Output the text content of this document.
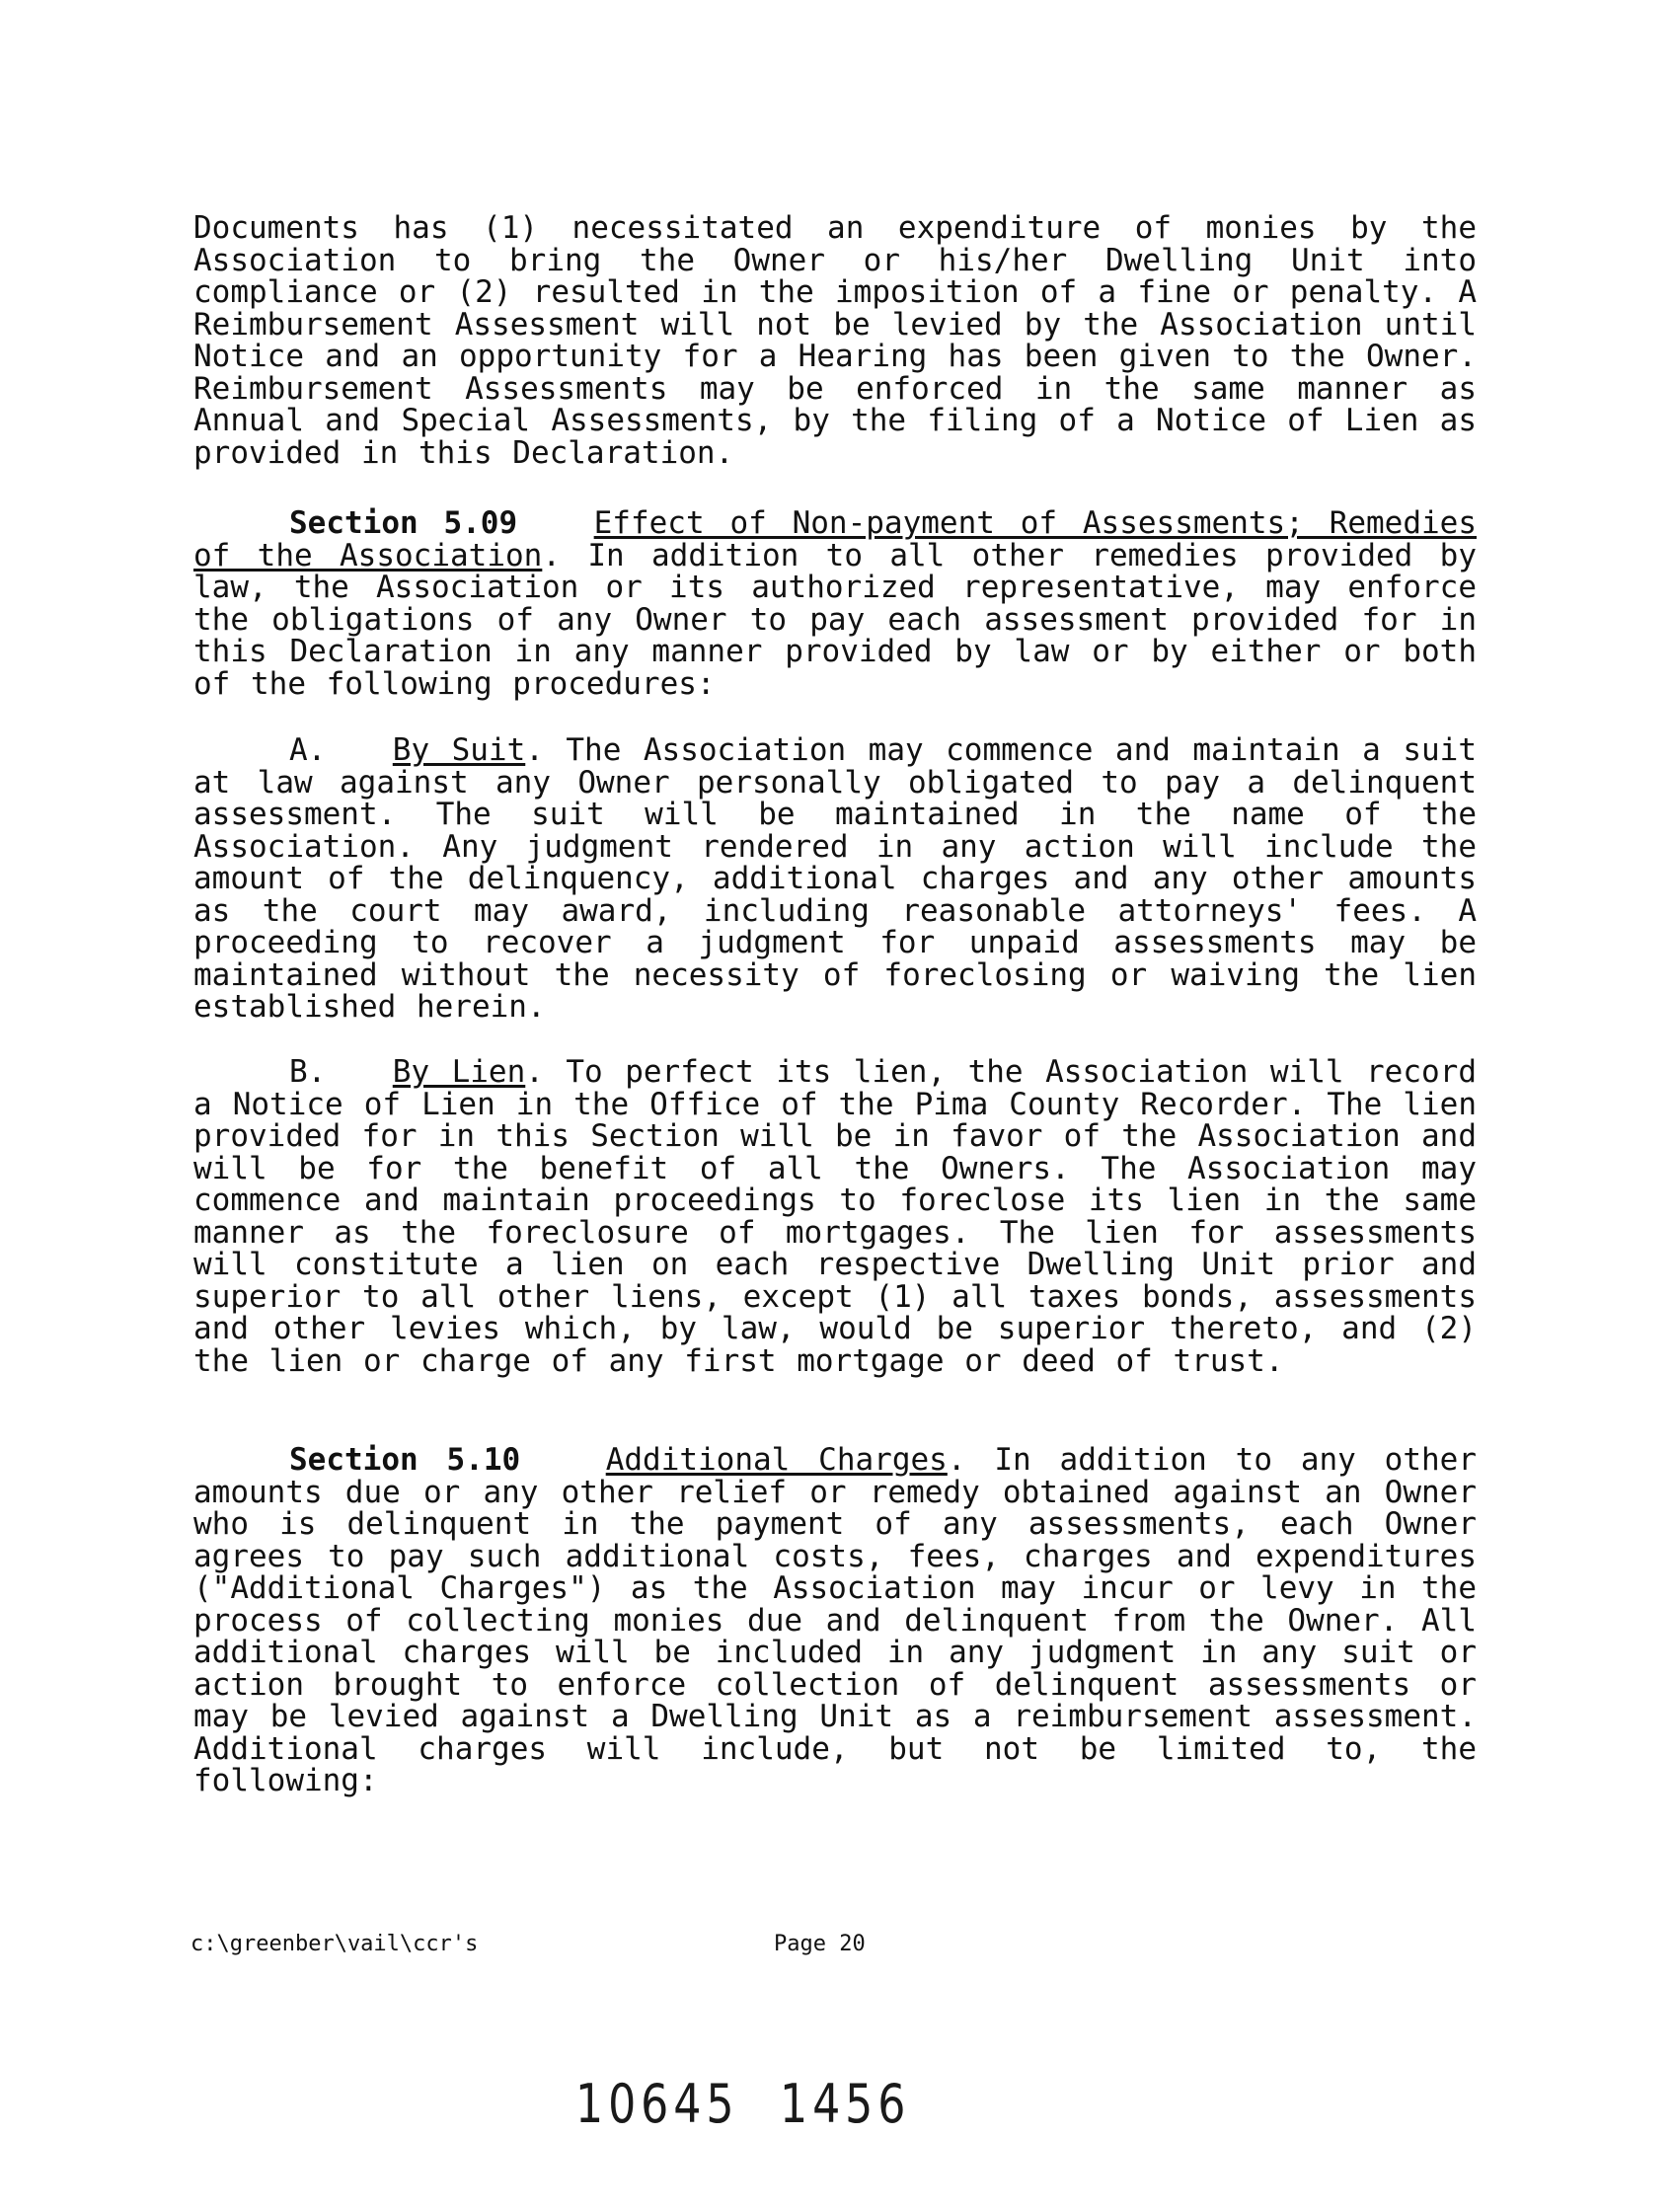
Documents has (1) necessitated an expenditure of monies by the Association to bring the Owner or his/her Dwelling Unit into compliance or (2) resulted in the imposition of a fine or penalty. A Reimbursement Assessment will not be levied by the Association until Notice and an opportunity for a Hearing has been given to the Owner. Reimbursement Assessments may be enforced in the same manner as Annual and Special Assessments, by the filing of a Notice of Lien as provided in this Declaration.
Section 5.09	Effect of Non-payment of Assessments; Remedies of the Association. In addition to all other remedies provided by law, the Association or its authorized representative, may enforce the obligations of any Owner to pay each assessment provided for in this Declaration in any manner provided by law or by either or both of the following procedures:
A. By Suit. The Association may commence and maintain a suit at law against any Owner personally obligated to pay a delinquent assessment. The suit will be maintained in the name of the Association. Any judgment rendered in any action will include the amount of the delinquency, additional charges and any other amounts as the court may award, including reasonable attorneys' fees. A proceeding to recover a judgment for unpaid assessments may be maintained without the necessity of foreclosing or waiving the lien established herein.
B. By Lien. To perfect its lien, the Association will record a Notice of Lien in the Office of the Pima County Recorder. The lien provided for in this Section will be in favor of the Association and will be for the benefit of all the Owners. The Association may commence and maintain proceedings to foreclose its lien in the same manner as the foreclosure of mortgages. The lien for assessments will constitute a lien on each respective Dwelling Unit prior and superior to all other liens, except (1) all taxes bonds, assessments and other levies which, by law, would be superior thereto, and (2) the lien or charge of any first mortgage or deed of trust.
Section 5.10	Additional Charges. In addition to any other amounts due or any other relief or remedy obtained against an Owner who is delinquent in the payment of any assessments, each Owner agrees to pay such additional costs, fees, charges and expenditures ("Additional Charges") as the Association may incur or levy in the process of collecting monies due and delinquent from the Owner. All additional charges will be included in any judgment in any suit or action brought to enforce collection of delinquent assessments or may be levied against a Dwelling Unit as a reimbursement assessment. Additional charges will include, but not be limited to, the following:
c:\greenber\vail\ccr's	Page 20
10645 1456
